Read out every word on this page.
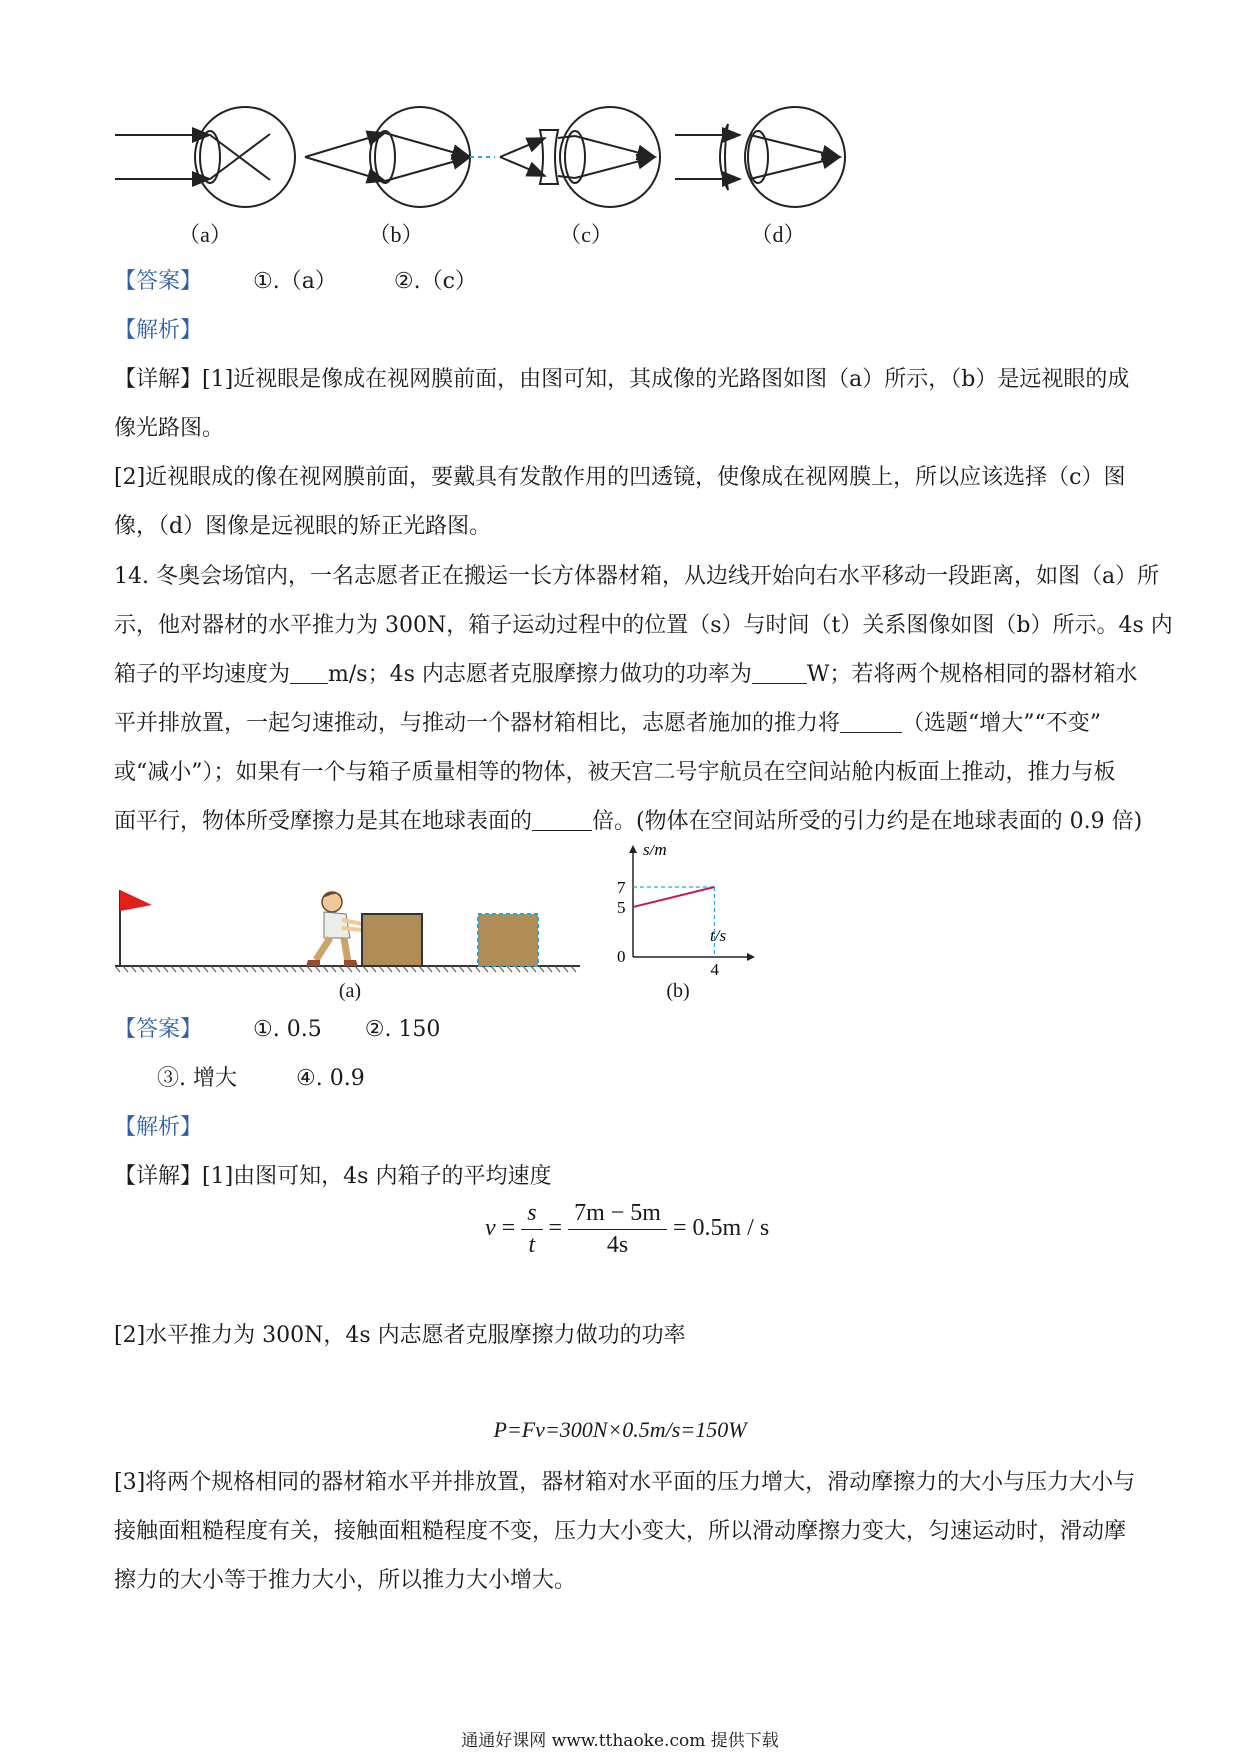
（a）	（b）	（c）	（d）
【答案】 ①.（a）	②.（c）
【解析】
【详解】[1]近视眼是像成在视网膜前面，由图可知，其成像的光路图如图（a）所示，（b）是远视眼的成
像光路图。
[2]近视眼成的像在视网膜前面，要戴具有发散作用的凹透镜，使像成在视网膜上，所以应该选择（c）图
像，（d）图像是远视眼的矫正光路图。
14. 冬奥会场馆内，一名志愿者正在搬运一长方体器材箱，从边线开始向右水平移动一段距离，如图（a）所
示，他对器材的水平推力为 300N，箱子运动过程中的位置（s）与时间（t）关系图像如图（b）所示。4s 内
箱子的平均速度为 m/s；4s 内志愿者克服摩擦力做功的功率为	W；若将两个规格相同的器材箱水
平并排放置，一起匀速推动，与推动一个器材箱相比，志愿者施加的推力将	（选题“增大”“不变”
或“减小”）；如果有一个与箱子质量相等的物体，被天宫二号宇航员在空间站舱内板面上推动，推力与板
面平行，物体所受摩擦力是其在地球表面的	倍。(物体在空间站所受的引力约是在地球表面的 0.9 倍)
(a)
s/m
t/s
0
5
7
4
(b)
【答案】 ①. 0.5 ②. 150
③. 增大	④. 0.9
【解析】
【详解】[1]由图可知，4s 内箱子的平均速度
$v = \frac{s}{t} = \frac{7m - 5m}{4s} = 0.5m / s$
[2]水平推力为 300N，4s 内志愿者克服摩擦力做功的功率
P=Fv=300N×0.5m/s=150W
[3]将两个规格相同的器材箱水平并排放置，器材箱对水平面的压力增大，滑动摩擦力的大小与压力大小与
接触面粗糙程度有关，接触面粗糙程度不变，压力大小变大，所以滑动摩擦力变大，匀速运动时，滑动摩
擦力的大小等于推力大小，所以推力大小增大。
通通好课网 www.tthaoke.com 提供下载
